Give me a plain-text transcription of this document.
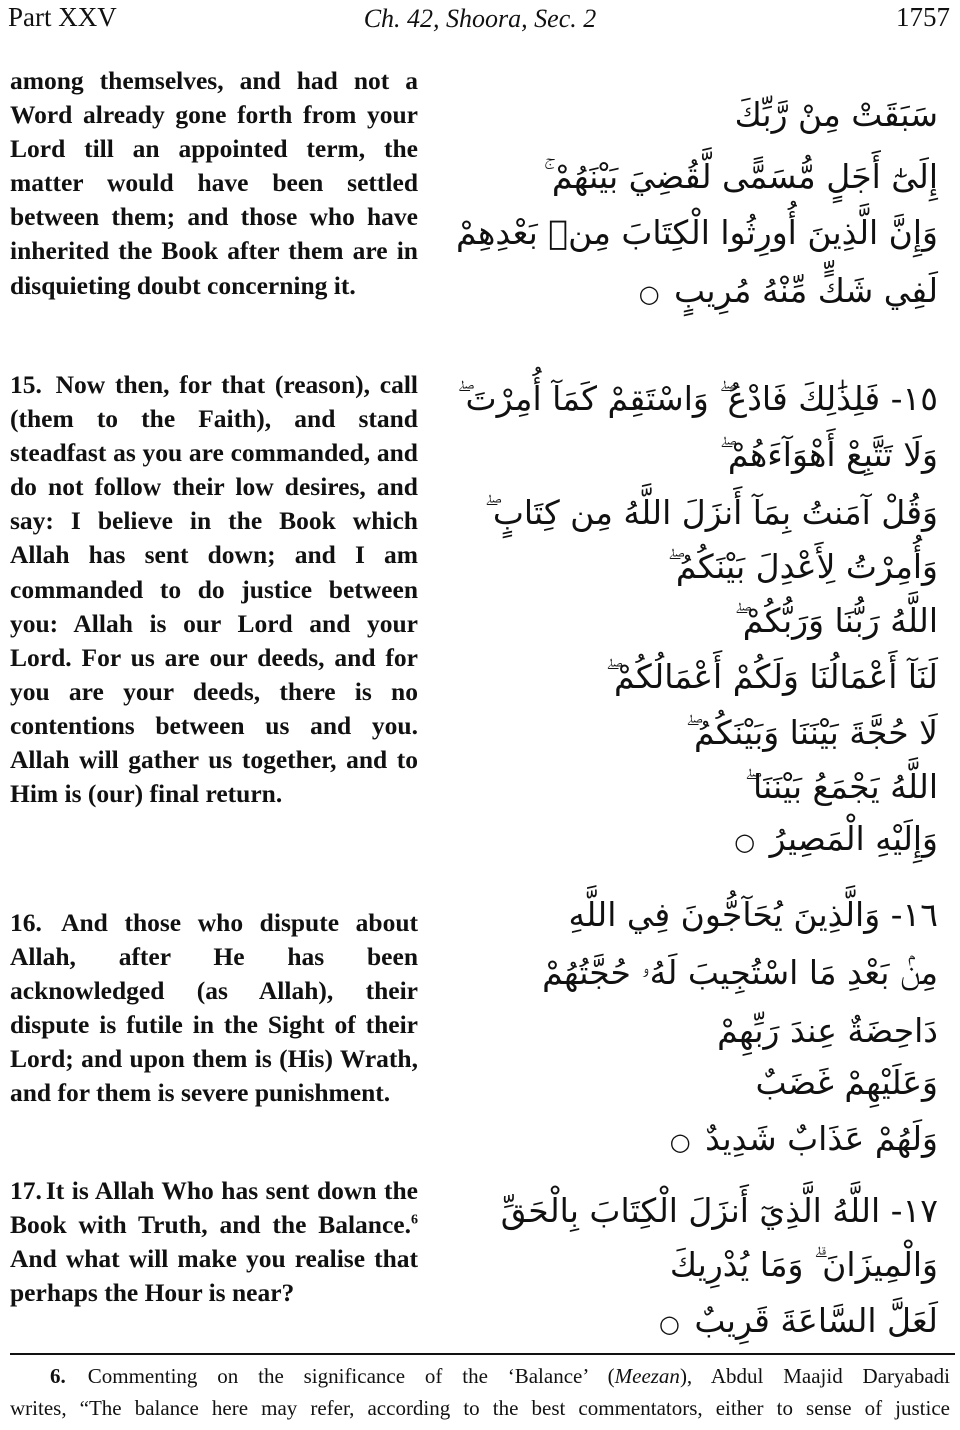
Part XXV	Ch. 42, Shoora, Sec. 2	1757
among themselves, and had not a Word already gone forth from your Lord till an appointed term, the matter would have been settled between them; and those who have inherited the Book after them are in disquieting doubt concerning it.
15. Now then, for that (reason), call (them to the Faith), and stand steadfast as you are commanded, and do not follow their low desires, and say: I believe in the Book which Allah has sent down; and I am commanded to do justice between you: Allah is our Lord and your Lord. For us are our deeds, and for you are your deeds, there is no contentions between us and you. Allah will gather us together, and to Him is (our) final return.
16. And those who dispute about Allah, after He has been acknowledged (as Allah), their dispute is futile in the Sight of their Lord; and upon them is (His) Wrath, and for them is severe punishment.
17. It is Allah Who has sent down the Book with Truth, and the Balance.$^6$ And what will make you realise that perhaps the Hour is near?
سَبَقَتْ مِنْ رَّبِّكَ
إِلَىٰٓ أَجَلٍ مُّسَمًّى لَّقُضِيَ بَيْنَهُمْ ۚ
وَإِنَّ الَّذِينَ أُورِثُوا الْكِتَابَ مِنۢ بَعْدِهِمْ
لَفِي شَكٍّ مِّنْهُ مُرِيبٍ ○
١٥- فَلِذَٰلِكَ فَادْعُ ۖ وَاسْتَقِمْ كَمَآ أُمِرْتَ ۖ
وَلَا تَتَّبِعْ أَهْوَآءَهُمْ ۖ
وَقُلْ آمَنتُ بِمَآ أَنزَلَ اللَّهُ مِن كِتَابٍ ۖ
وَأُمِرْتُ لِأَعْدِلَ بَيْنَكُمُ ۖ
اللَّهُ رَبُّنَا وَرَبُّكُمْ ۖ
لَنَآ أَعْمَالُنَا وَلَكُمْ أَعْمَالُكُمْ ۖ
لَا حُجَّةَ بَيْنَنَا وَبَيْنَكُمُ ۖ
اللَّهُ يَجْمَعُ بَيْنَنَا ۖ
وَإِلَيْهِ الْمَصِيرُ ○
١٦- وَالَّذِينَ يُحَآجُّونَ فِي اللَّهِ
مِنۢ بَعْدِ مَا اسْتُجِيبَ لَهُۥ حُجَّتُهُمْ
دَاحِضَةٌ عِندَ رَبِّهِمْ
وَعَلَيْهِمْ غَضَبٌ
وَلَهُمْ عَذَابٌ شَدِيدٌ ○
١٧- اللَّهُ الَّذِيٓ أَنزَلَ الْكِتَابَ بِالْحَقِّ
وَالْمِيزَانَ ۗ وَمَا يُدْرِيكَ
لَعَلَّ السَّاعَةَ قَرِيبٌ ○
6. Commenting on the significance of the ‘Balance’ (Meezan), Abdul Maajid Daryabadi
writes, “The balance here may refer, according to the best commentators, either to sense of justice
